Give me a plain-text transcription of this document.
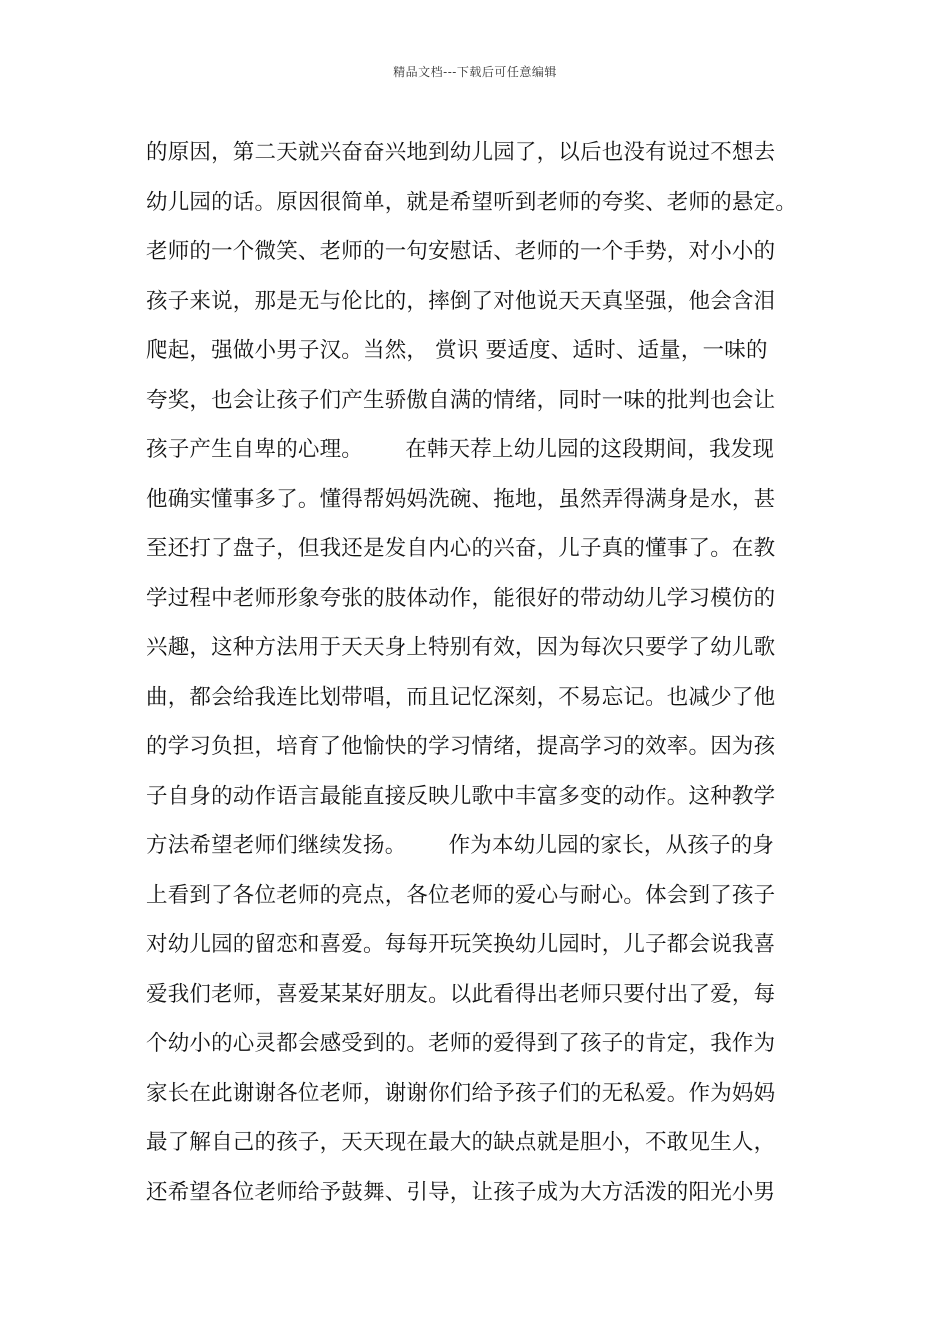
精品文档---下载后可任意编辑
的原因，第二天就兴奋奋兴地到幼儿园了，以后也没有说过不想去
幼儿园的话。原因很简单，就是希望听到老师的夸奖、老师的悬定。
老师的一个微笑、老师的一句安慰话、老师的一个手势，对小小的
孩子来说，那是无与伦比的，摔倒了对他说天天真坚强，他会含泪
爬起，强做小男子汉。当然， 赏识 要适度、适时、适量，一味的
夸奖，也会让孩子们产生骄傲自满的情绪，同时一味的批判也会让
孩子产生自卑的心理。      在韩天荐上幼儿园的这段期间，我发现
他确实懂事多了。懂得帮妈妈洗碗、拖地，虽然弄得满身是水，甚
至还打了盘子，但我还是发自内心的兴奋，儿子真的懂事了。在教
学过程中老师形象夸张的肢体动作，能很好的带动幼儿学习模仿的
兴趣，这种方法用于天天身上特别有效，因为每次只要学了幼儿歌
曲，都会给我连比划带唱，而且记忆深刻，不易忘记。也减少了他
的学习负担，培育了他愉快的学习情绪，提高学习的效率。因为孩
子自身的动作语言最能直接反映儿歌中丰富多变的动作。这种教学
方法希望老师们继续发扬。      作为本幼儿园的家长，从孩子的身
上看到了各位老师的亮点，各位老师的爱心与耐心。体会到了孩子
对幼儿园的留恋和喜爱。每每开玩笑换幼儿园时，儿子都会说我喜
爱我们老师，喜爱某某好朋友。以此看得出老师只要付出了爱，每
个幼小的心灵都会感受到的。老师的爱得到了孩子的肯定，我作为
家长在此谢谢各位老师，谢谢你们给予孩子们的无私爱。作为妈妈
最了解自己的孩子，天天现在最大的缺点就是胆小，不敢见生人，
还希望各位老师给予鼓舞、引导，让孩子成为大方活泼的阳光小男
